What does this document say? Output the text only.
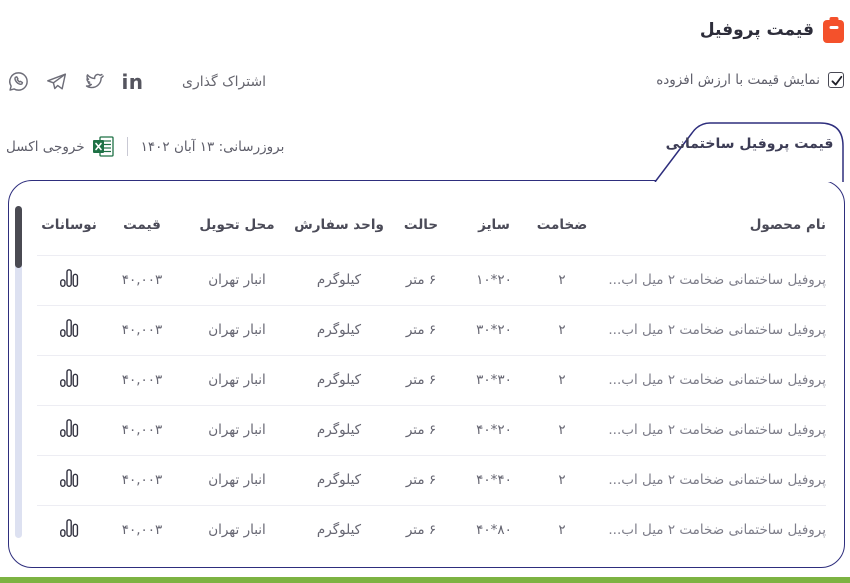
قیمت پروفیل
نمایش قیمت با ارزش افزوده
اشتراک گذاری
in
بروزرسانی: ۱۳ آبان ۱۴۰۲
خروجی اکسل	قیمت پروفیل ساختمانی
نام محصول	ضخامت	سایز	حالت	واحد سفارش	محل تحویل	قیمت	نوسانات
پروفیل ساختمانی ضخامت ۲ میل اب...	۲	۱۰*۲۰	۶ متر	کیلوگرم	انبار تهران	۴۰,۰۰۳	
پروفیل ساختمانی ضخامت ۲ میل اب...	۲	۳۰*۲۰	۶ متر	کیلوگرم	انبار تهران	۴۰,۰۰۳	
پروفیل ساختمانی ضخامت ۲ میل اب...	۲	۳۰*۳۰	۶ متر	کیلوگرم	انبار تهران	۴۰,۰۰۳	
پروفیل ساختمانی ضخامت ۲ میل اب...	۲	۴۰*۲۰	۶ متر	کیلوگرم	انبار تهران	۴۰,۰۰۳	
پروفیل ساختمانی ضخامت ۲ میل اب...	۲	۴۰*۴۰	۶ متر	کیلوگرم	انبار تهران	۴۰,۰۰۳	
پروفیل ساختمانی ضخامت ۲ میل اب...	۲	۴۰*۸۰	۶ متر	کیلوگرم	انبار تهران	۴۰,۰۰۳	
